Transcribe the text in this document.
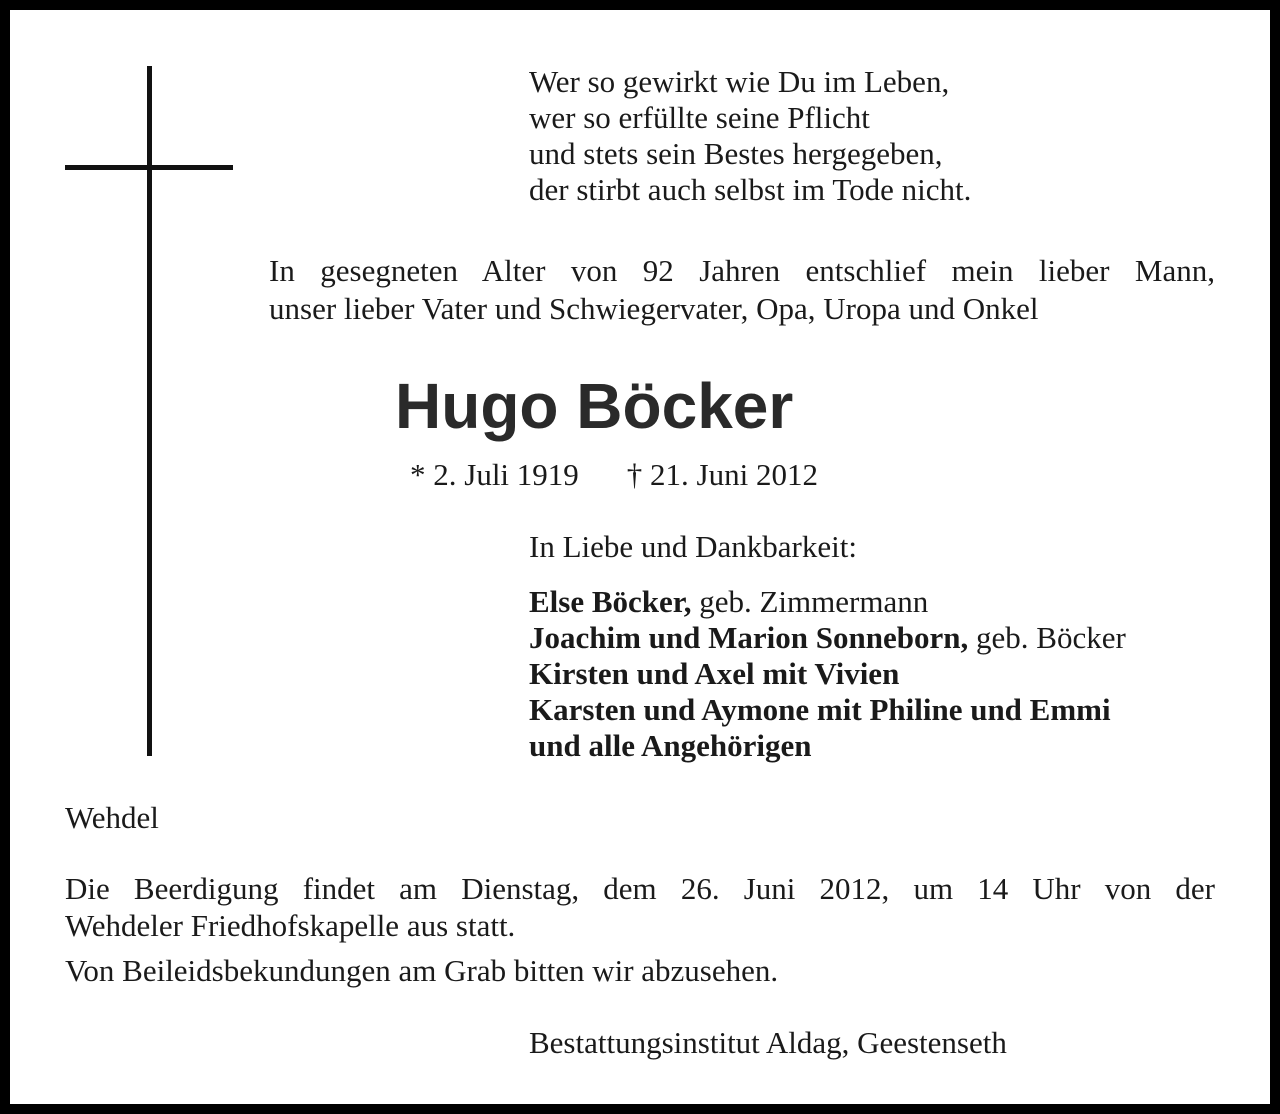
Wer so gewirkt wie Du im Leben,
wer so erfüllte seine Pflicht
und stets sein Bestes hergegeben,
der stirbt auch selbst im Tode nicht.
In gesegneten Alter von 92 Jahren entschlief mein lieber Mann,
unser lieber Vater und Schwiegervater, Opa, Uropa und Onkel
Hugo Böcker
* 2. Juli 1919 † 21. Juni 2012
In Liebe und Dankbarkeit:
Else Böcker, geb. Zimmermann
Joachim und Marion Sonneborn, geb. Böcker
Kirsten und Axel mit Vivien
Karsten und Aymone mit Philine und Emmi
und alle Angehörigen
Wehdel
Die Beerdigung findet am Dienstag, dem 26. Juni 2012, um 14 Uhr von der
Wehdeler Friedhofskapelle aus statt.
Von Beileidsbekundungen am Grab bitten wir abzusehen.
Bestattungsinstitut Aldag, Geestenseth
